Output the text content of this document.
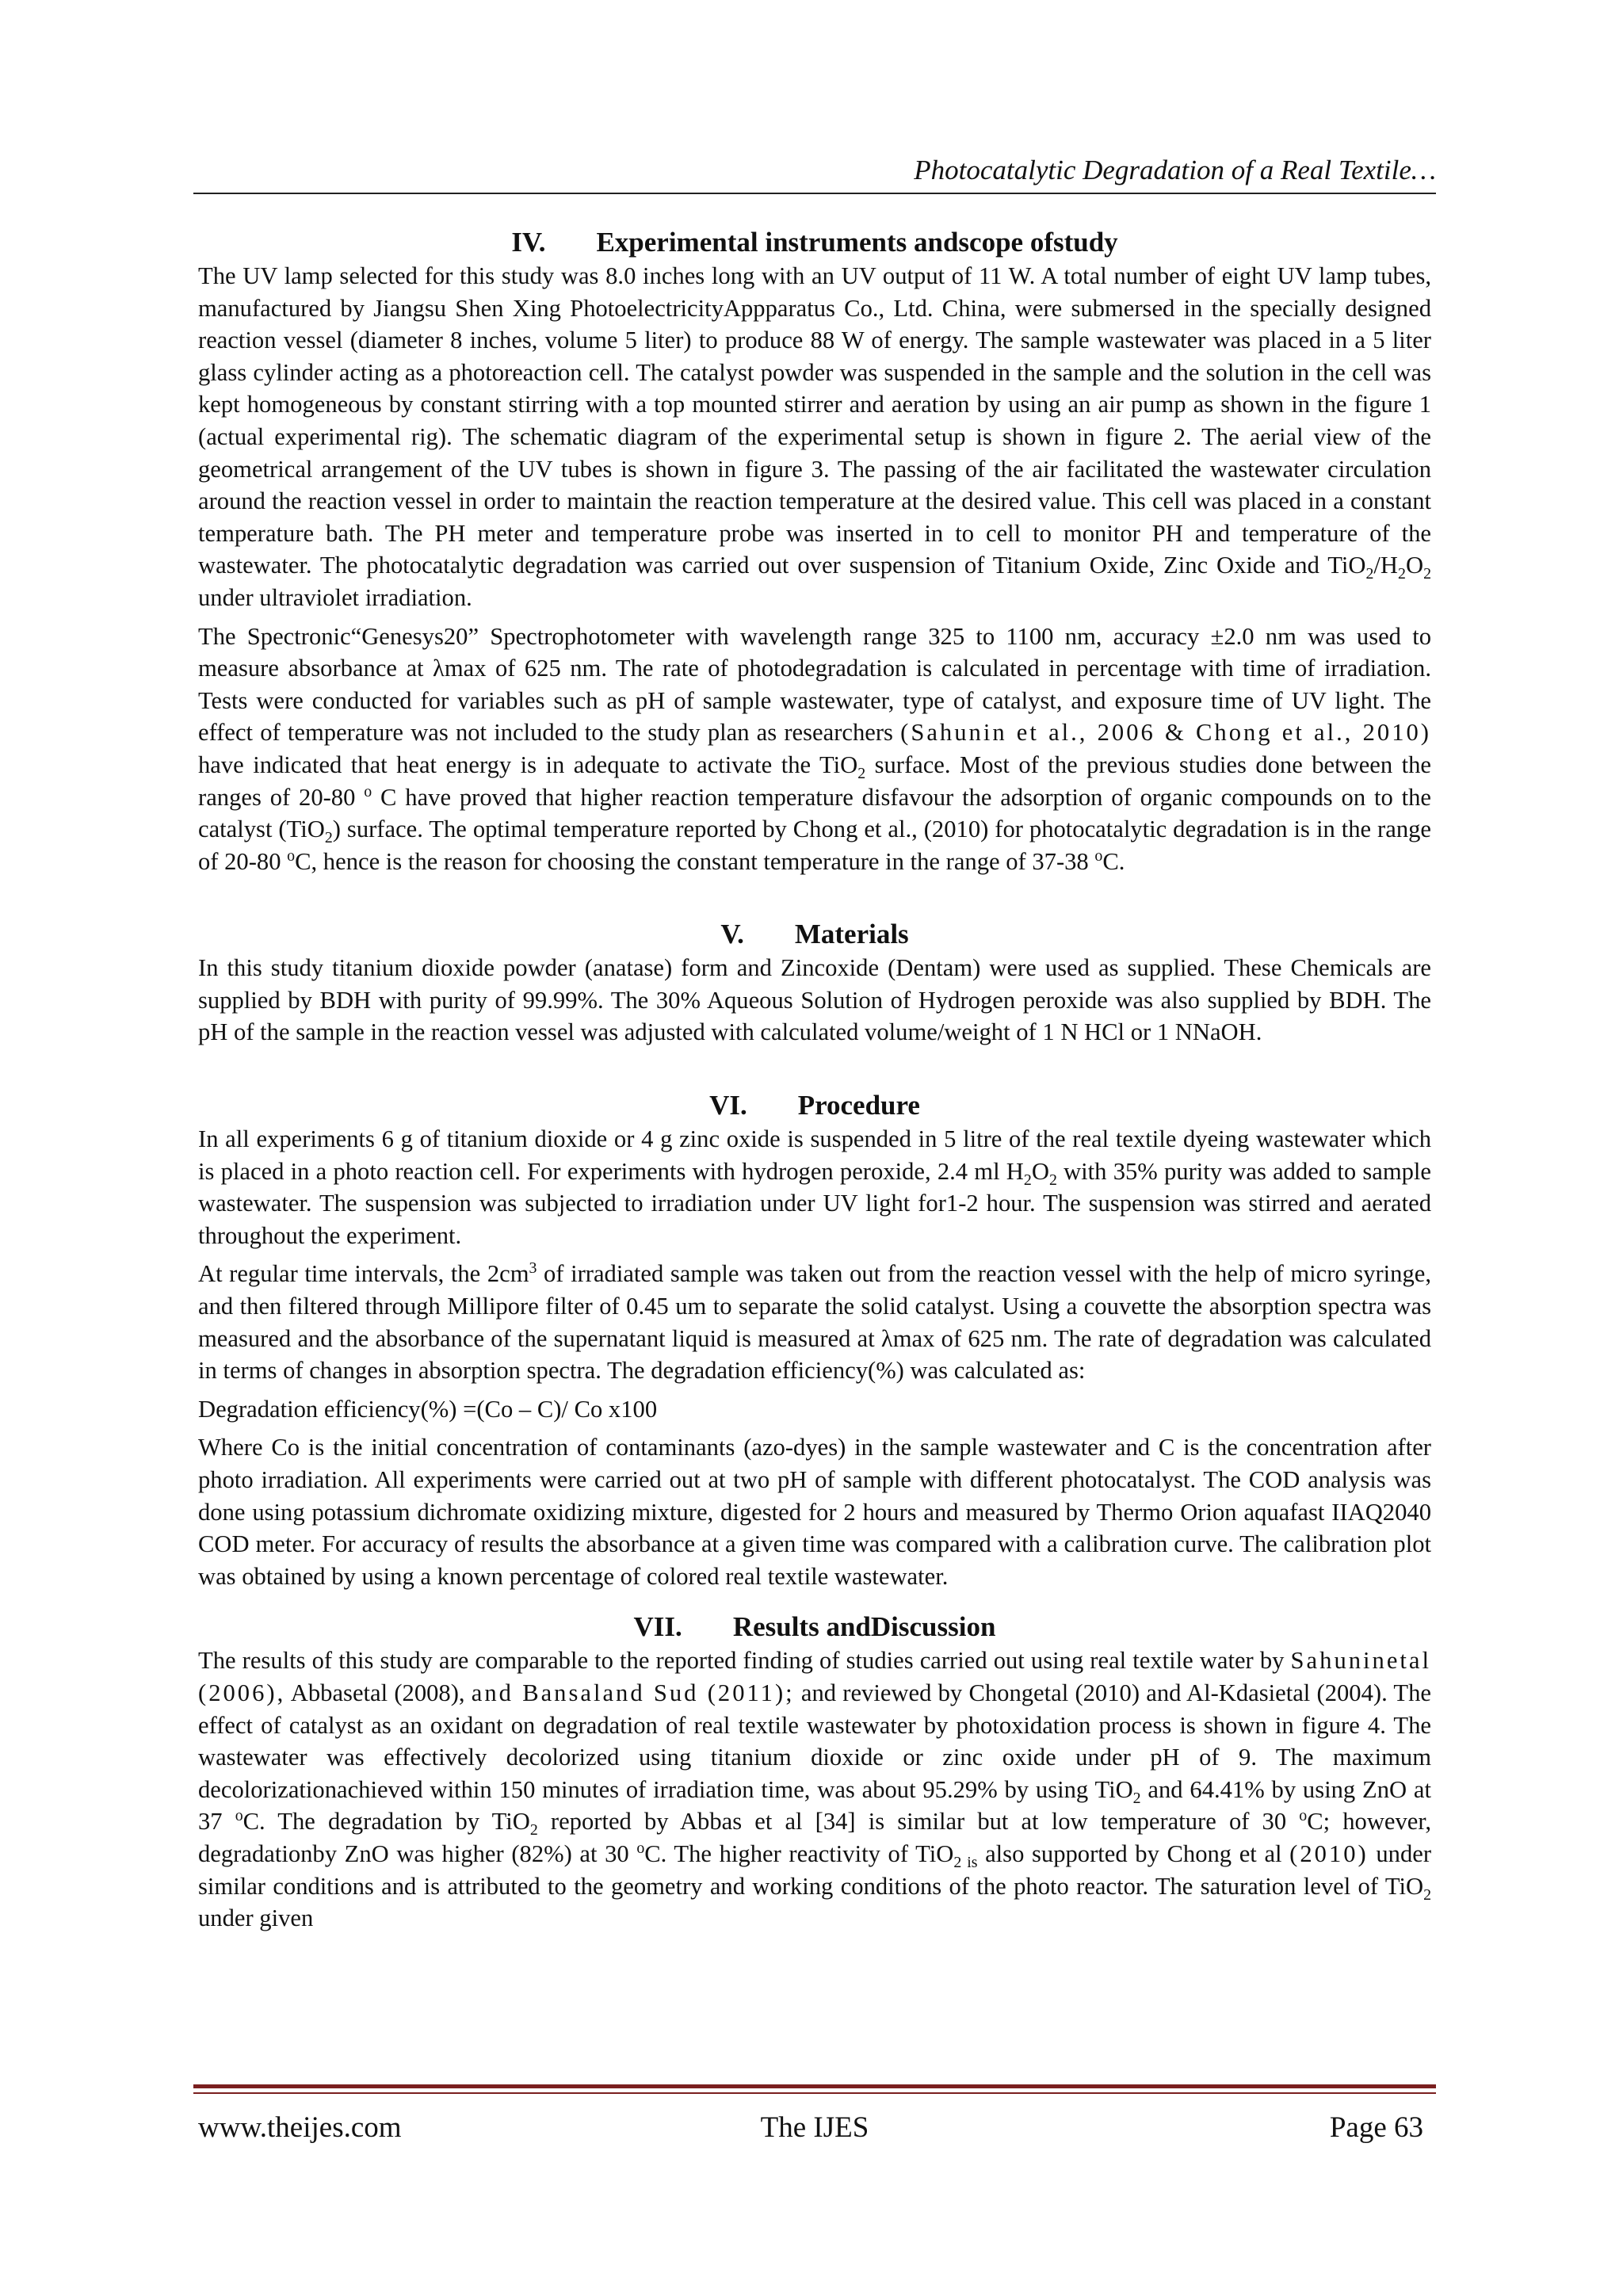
Photocatalytic Degradation of a Real Textile…
IV. Experimental instruments andscope ofstudy

The UV lamp selected for this study was 8.0 inches long with an UV output of 11 W. A total number of eight UV lamp tubes, manufactured by Jiangsu Shen Xing PhotoelectricityAppparatus Co., Ltd. China, were submersed in the specially designed reaction vessel (diameter 8 inches, volume 5 liter) to produce 88 W of energy. The sample wastewater was placed in a 5 liter glass cylinder acting as a photoreaction cell. The catalyst powder was suspended in the sample and the solution in the cell was kept homogeneous by constant stirring with a top mounted stirrer and aeration by using an air pump as shown in the figure 1 (actual experimental rig). The schematic diagram of the experimental setup is shown in figure 2. The aerial view of the geometrical arrangement of the UV tubes is shown in figure 3. The passing of the air facilitated the wastewater circulation around the reaction vessel in order to maintain the reaction temperature at the desired value. This cell was placed in a constant temperature bath. The PH meter and temperature probe was inserted in to cell to monitor PH and temperature of the wastewater. The photocatalytic degradation was carried out over suspension of Titanium Oxide, Zinc Oxide and $TiO_2/H_2O_2$ under ultraviolet irradiation.

The Spectronic“Genesys20” Spectrophotometer with wavelength range 325 to 1100 nm, accuracy ±2.0 nm was used to measure absorbance at λmax of 625 nm. The rate of photodegradation is calculated in percentage with time of irradiation. Tests were conducted for variables such as pH of sample wastewater, type of catalyst, and exposure time of UV light. The effect of temperature was not included to the study plan as researchers (Sahunin et al., 2006 & Chong et al., 2010) have indicated that heat energy is in adequate to activate the TiO$_2$ surface. Most of the previous studies done between the ranges of 20-80 $^o$ C have proved that higher reaction temperature disfavour the adsorption of organic compounds on to the catalyst (TiO$_2$) surface. The optimal temperature reported by Chong et al., (2010) for photocatalytic degradation is in the range of 20-80 $^o$C, hence is the reason for choosing the constant temperature in the range of 37-38 $^o$C.

V. Materials

In this study titanium dioxide powder (anatase) form and Zincoxide (Dentam) were used as supplied. These Chemicals are supplied by BDH with purity of 99.99%. The 30% Aqueous Solution of Hydrogen peroxide was also supplied by BDH. The pH of the sample in the reaction vessel was adjusted with calculated volume/weight of 1 N HCl or 1 NNaOH.

VI. Procedure

In all experiments 6 g of titanium dioxide or 4 g zinc oxide is suspended in 5 litre of the real textile dyeing wastewater which is placed in a photo reaction cell. For experiments with hydrogen peroxide, 2.4 ml $H_2O_2$ with 35% purity was added to sample wastewater. The suspension was subjected to irradiation under UV light for1-2 hour. The suspension was stirred and aerated throughout the experiment.

At regular time intervals, the $2cm^3$ of irradiated sample was taken out from the reaction vessel with the help of micro syringe, and then filtered through Millipore filter of 0.45 um to separate the solid catalyst. Using a couvette the absorption spectra was measured and the absorbance of the supernatant liquid is measured at λmax of 625 nm. The rate of degradation was calculated in terms of changes in absorption spectra. The degradation efficiency(%) was calculated as:

Degradation efficiency(%) =(Co – C)/ Co x100

Where Co is the initial concentration of contaminants (azo-dyes) in the sample wastewater and C is the concentration after photo irradiation. All experiments were carried out at two pH of sample with different photocatalyst. The COD analysis was done using potassium dichromate oxidizing mixture, digested for 2 hours and measured by Thermo Orion aquafast IIAQ2040 COD meter. For accuracy of results the absorbance at a given time was compared with a calibration curve. The calibration plot was obtained by using a known percentage of colored real textile wastewater.

VII. Results andDiscussion

The results of this study are comparable to the reported finding of studies carried out using real textile water by Sahuninetal (2006), Abbasetal (2008), and Bansaland Sud (2011); and reviewed by Chongetal (2010) and Al-Kdasietal (2004). The effect of catalyst as an oxidant on degradation of real textile wastewater by photoxidation process is shown in figure 4. The wastewater was effectively decolorized using titanium dioxide or zinc oxide under pH of 9. The maximum decolorizationachieved within 150 minutes of irradiation time, was about 95.29% by using TiO$_2$ and 64.41% by using ZnO at 37 $^o$C. The degradation by TiO$_2$ reported by Abbas et al [34] is similar but at low temperature of 30 $^o$C; however, degradationby ZnO was higher (82%) at 30 $^o$C. The higher reactivity of TiO$_{2 is}$ also supported by Chong et al (2010) under similar conditions and is attributed to the geometry and working conditions of the photo reactor. The saturation level of TiO$_2$ under given

www.theijes.com	The IJES	Page 63
